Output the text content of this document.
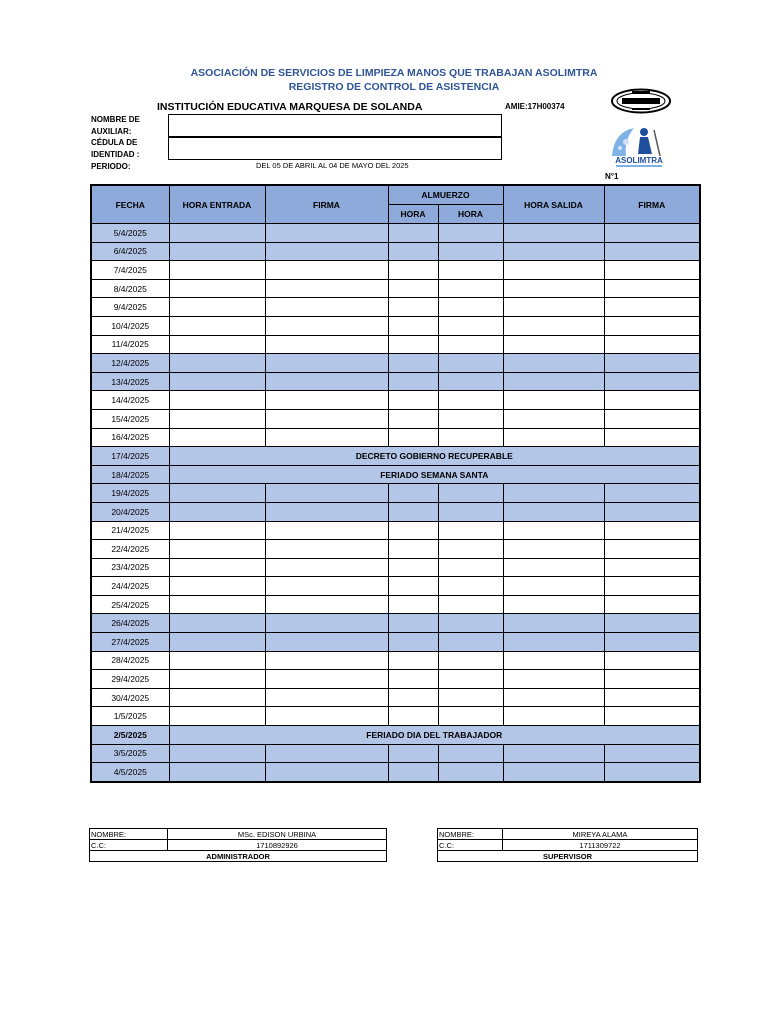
ASOCIACIÓN DE SERVICIOS DE LIMPIEZA MANOS QUE TRABAJAN ASOLIMTRA
REGISTRO DE CONTROL DE ASISTENCIA
INSTITUCIÓN EDUCATIVA MARQUESA DE SOLANDA	AMIE:17H00374
ASOLIMTRA
NOMBRE DE
AUXILIAR:
CÉDULA DE
IDENTIDAD :
PERIODO:	DEL 05 DE ABRIL AL 04 DE MAYO DEL 2025
N°1
FECHA	HORA ENTRADA	FIRMA	ALMUERZO		HORA SALIDA	FIRMA
			HORA	HORA		
5/4/2025						
6/4/2025						
7/4/2025						
8/4/2025						
9/4/2025						
10/4/2025						
11/4/2025						
12/4/2025						
13/4/2025						
14/4/2025						
15/4/2025						
16/4/2025						
17/4/2025	DECRETO GOBIERNO RECUPERABLE					
18/4/2025	FERIADO SEMANA SANTA					
19/4/2025						
20/4/2025						
21/4/2025						
22/4/2025						
23/4/2025						
24/4/2025						
25/4/2025						
26/4/2025						
27/4/2025						
28/4/2025						
29/4/2025						
30/4/2025						
1/5/2025						
2/5/2025	FERIADO DIA DEL TRABAJADOR					
3/5/2025						
4/5/2025						
NOMBRE:	MSc. EDISON URBINA
C.C:	1710892926
ADMINISTRADOR	
NOMBRE:	MIREYA ALAMA
C.C:	1711309722
SUPERVISOR	
